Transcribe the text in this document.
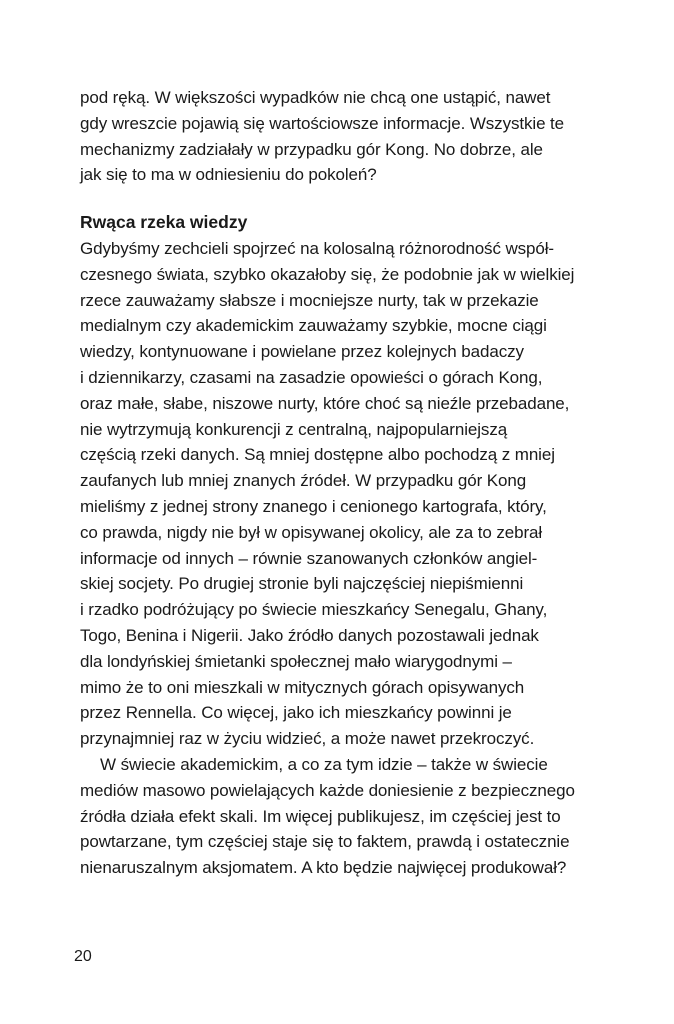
pod ręką. W większości wypadków nie chcą one ustąpić, nawet
gdy wreszcie pojawią się wartościowsze informacje. Wszystkie te
mechanizmy zadziałały w przypadku gór Kong. No dobrze, ale
jak się to ma w odniesieniu do pokoleń?
Rwąca rzeka wiedzy
Gdybyśmy zechcieli spojrzeć na kolosalną różnorodność współ-
czesnego świata, szybko okazałoby się, że podobnie jak w wielkiej
rzece zauważamy słabsze i mocniejsze nurty, tak w przekazie
medialnym czy akademickim zauważamy szybkie, mocne ciągi
wiedzy, kontynuowane i powielane przez kolejnych badaczy
i dziennikarzy, czasami na zasadzie opowieści o górach Kong,
oraz małe, słabe, niszowe nurty, które choć są nieźle przebadane,
nie wytrzymują konkurencji z centralną, najpopularniejszą
częścią rzeki danych. Są mniej dostępne albo pochodzą z mniej
zaufanych lub mniej znanych źródeł. W przypadku gór Kong
mieliśmy z jednej strony znanego i cenionego kartografa, który,
co prawda, nigdy nie był w opisywanej okolicy, ale za to zebrał
informacje od innych – równie szanowanych członków angiel-
skiej socjety. Po drugiej stronie byli najczęściej niepiśmienni
i rzadko podróżujący po świecie mieszkańcy Senegalu, Ghany,
Togo, Benina i Nigerii. Jako źródło danych pozostawali jednak
dla londyńskiej śmietanki społecznej mało wiarygodnymi –
mimo że to oni mieszkali w mitycznych górach opisywanych
przez Rennella. Co więcej, jako ich mieszkańcy powinni je
przynajmniej raz w życiu widzieć, a może nawet przekroczyć.
W świecie akademickim, a co za tym idzie – także w świecie
mediów masowo powielających każde doniesienie z bezpiecznego
źródła działa efekt skali. Im więcej publikujesz, im częściej jest to
powtarzane, tym częściej staje się to faktem, prawdą i ostatecznie
nienaruszalnym aksjomatem. A kto będzie najwięcej produkował?
20
